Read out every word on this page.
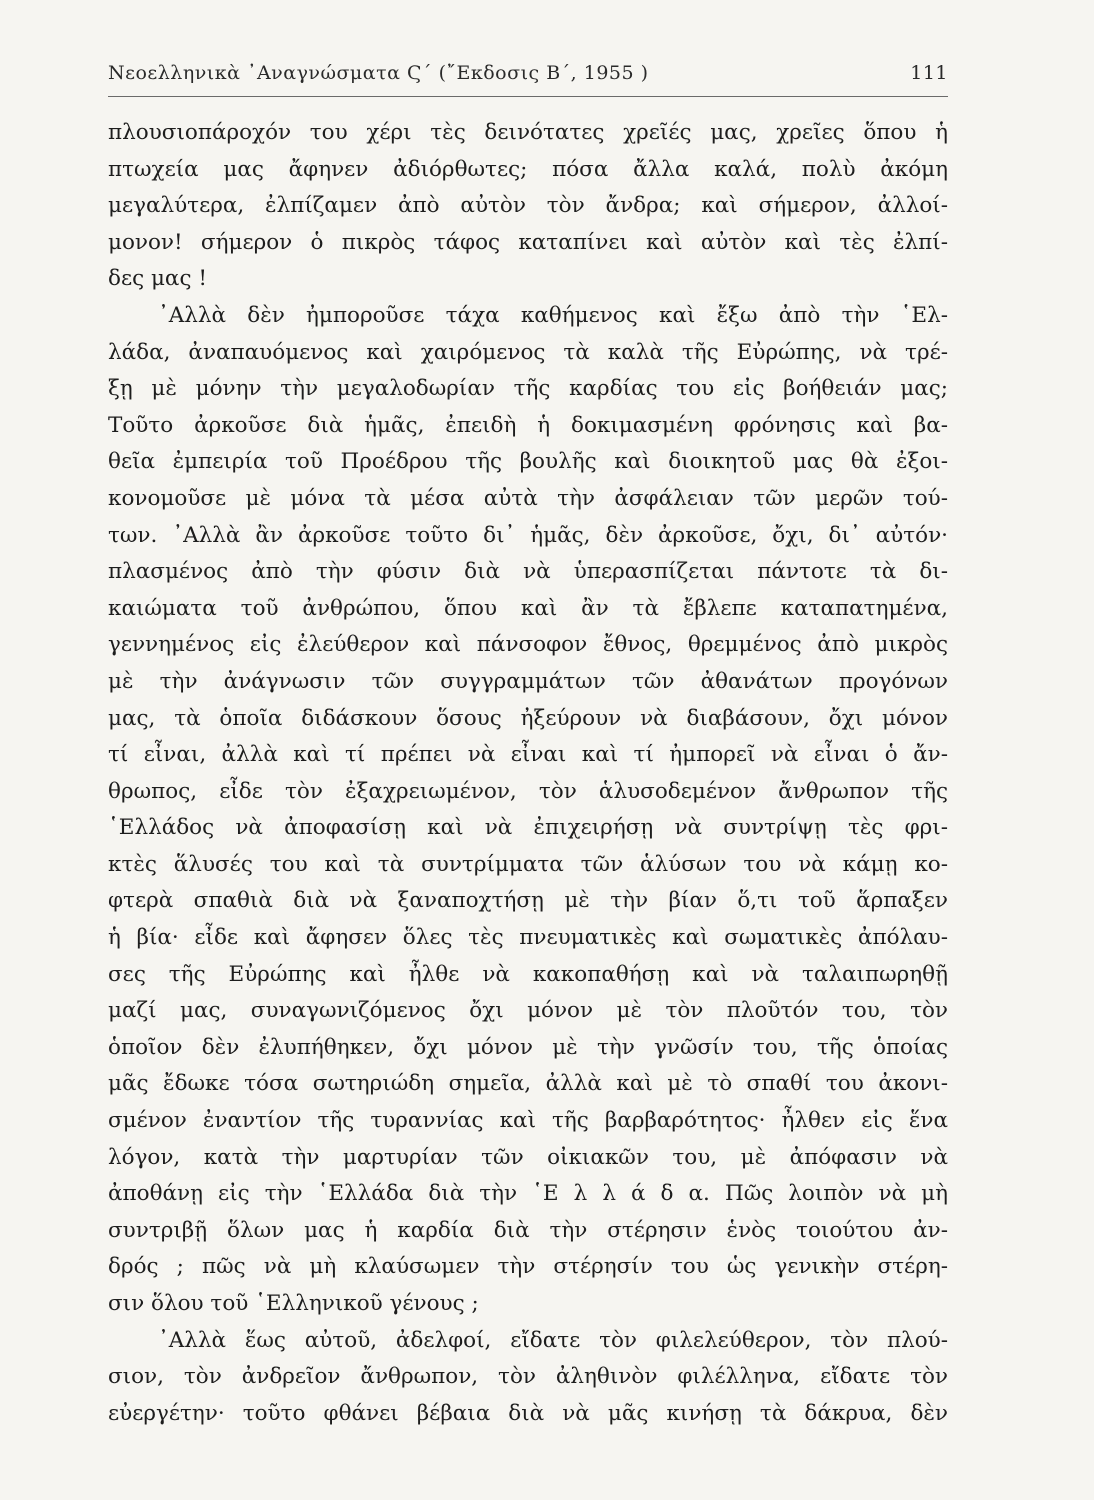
Νεοελληνικὰ ᾿Αναγνώσματα Ϛ΄ (῎Εκδοσις Β΄, 1955 )	111
πλουσιοπάροχόν του χέρι τὲς δεινότατες χρεῖές μας, χρεῖες ὅπου ἡ
πτωχεία μας ἄφηνεν ἀδιόρθωτες; πόσα ἄλλα καλά, πολὺ ἀκόμη
μεγαλύτερα, ἐλπίζαμεν ἀπὸ αὐτὸν τὸν ἄνδρα; καὶ σήμερον, ἀλλοί-
μονον! σήμερον ὁ πικρὸς τάφος καταπίνει καὶ αὐτὸν καὶ τὲς ἐλπί-
δες μας !
᾿Αλλὰ δὲν ἠμποροῦσε τάχα καθήμενος καὶ ἔξω ἀπὸ τὴν ῾Ελ-
λάδα, ἀναπαυόμενος καὶ χαιρόμενος τὰ καλὰ τῆς Εὐρώπης, νὰ τρέ-
ξῃ μὲ μόνην τὴν μεγαλοδωρίαν τῆς καρδίας του εἰς βοήθειάν μας;
Τοῦτο ἀρκοῦσε διὰ ἡμᾶς, ἐπειδὴ ἡ δοκιμασμένη φρόνησις καὶ βα-
θεῖα ἐμπειρία τοῦ Προέδρου τῆς βουλῆς καὶ διοικητοῦ μας θὰ ἐξοι-
κονομοῦσε μὲ μόνα τὰ μέσα αὐτὰ τὴν ἀσφάλειαν τῶν μερῶν τού-
των. ᾿Αλλὰ ἂν ἀρκοῦσε τοῦτο δι᾿ ἡμᾶς, δὲν ἀρκοῦσε, ὄχι, δι᾿ αὐτόν·
πλασμένος ἀπὸ τὴν φύσιν διὰ νὰ ὑπερασπίζεται πάντοτε τὰ δι-
καιώματα τοῦ ἀνθρώπου, ὅπου καὶ ἂν τὰ ἔβλεπε καταπατημένα,
γεννημένος εἰς ἐλεύθερον καὶ πάνσοφον ἔθνος, θρεμμένος ἀπὸ μικρὸς
μὲ τὴν ἀνάγνωσιν τῶν συγγραμμάτων τῶν ἀθανάτων προγόνων
μας, τὰ ὁποῖα διδάσκουν ὅσους ἠξεύρουν νὰ διαβάσουν, ὄχι μόνον
τί εἶναι, ἀλλὰ καὶ τί πρέπει νὰ εἶναι καὶ τί ἠμπορεῖ νὰ εἶναι ὁ ἄν-
θρωπος, εἶδε τὸν ἐξαχρειωμένον, τὸν ἁλυσοδεμένον ἄνθρωπον τῆς
῾Ελλάδος νὰ ἀποφασίσῃ καὶ νὰ ἐπιχειρήσῃ νὰ συντρίψῃ τὲς φρι-
κτὲς ἅλυσές του καὶ τὰ συντρίμματα τῶν ἁλύσων του νὰ κάμῃ κο-
φτερὰ σπαθιὰ διὰ νὰ ξαναποχτήσῃ μὲ τὴν βίαν ὅ,τι τοῦ ἅρπαξεν
ἡ βία· εἶδε καὶ ἄφησεν ὅλες τὲς πνευματικὲς καὶ σωματικὲς ἀπόλαυ-
σες τῆς Εὐρώπης καὶ ἦλθε νὰ κακοπαθήσῃ καὶ νὰ ταλαιπωρηθῇ
μαζί μας, συναγωνιζόμενος ὄχι μόνον μὲ τὸν πλοῦτόν του, τὸν
ὁποῖον δὲν ἐλυπήθηκεν, ὄχι μόνον μὲ τὴν γνῶσίν του, τῆς ὁποίας
μᾶς ἔδωκε τόσα σωτηριώδη σημεῖα, ἀλλὰ καὶ μὲ τὸ σπαθί του ἀκονι-
σμένον ἐναντίον τῆς τυραννίας καὶ τῆς βαρβαρότητος· ἦλθεν εἰς ἕνα
λόγον, κατὰ τὴν μαρτυρίαν τῶν οἰκιακῶν του, μὲ ἀπόφασιν νὰ
ἀποθάνῃ εἰς τὴν ῾Ελλάδα διὰ τὴν ῾Ε λ λ ά δ α. Πῶς λοιπὸν νὰ μὴ
συντριβῇ ὅλων μας ἡ καρδία διὰ τὴν στέρησιν ἑνὸς τοιούτου ἀν-
δρός ; πῶς νὰ μὴ κλαύσωμεν τὴν στέρησίν του ὡς γενικὴν στέρη-
σιν ὅλου τοῦ ῾Ελληνικοῦ γένους ;
᾿Αλλὰ ἕως αὐτοῦ, ἀδελφοί, εἴδατε τὸν φιλελεύθερον, τὸν πλού-
σιον, τὸν ἀνδρεῖον ἄνθρωπον, τὸν ἀληθινὸν φιλέλληνα, εἴδατε τὸν
εὐεργέτην· τοῦτο φθάνει βέβαια διὰ νὰ μᾶς κινήσῃ τὰ δάκρυα, δὲν
